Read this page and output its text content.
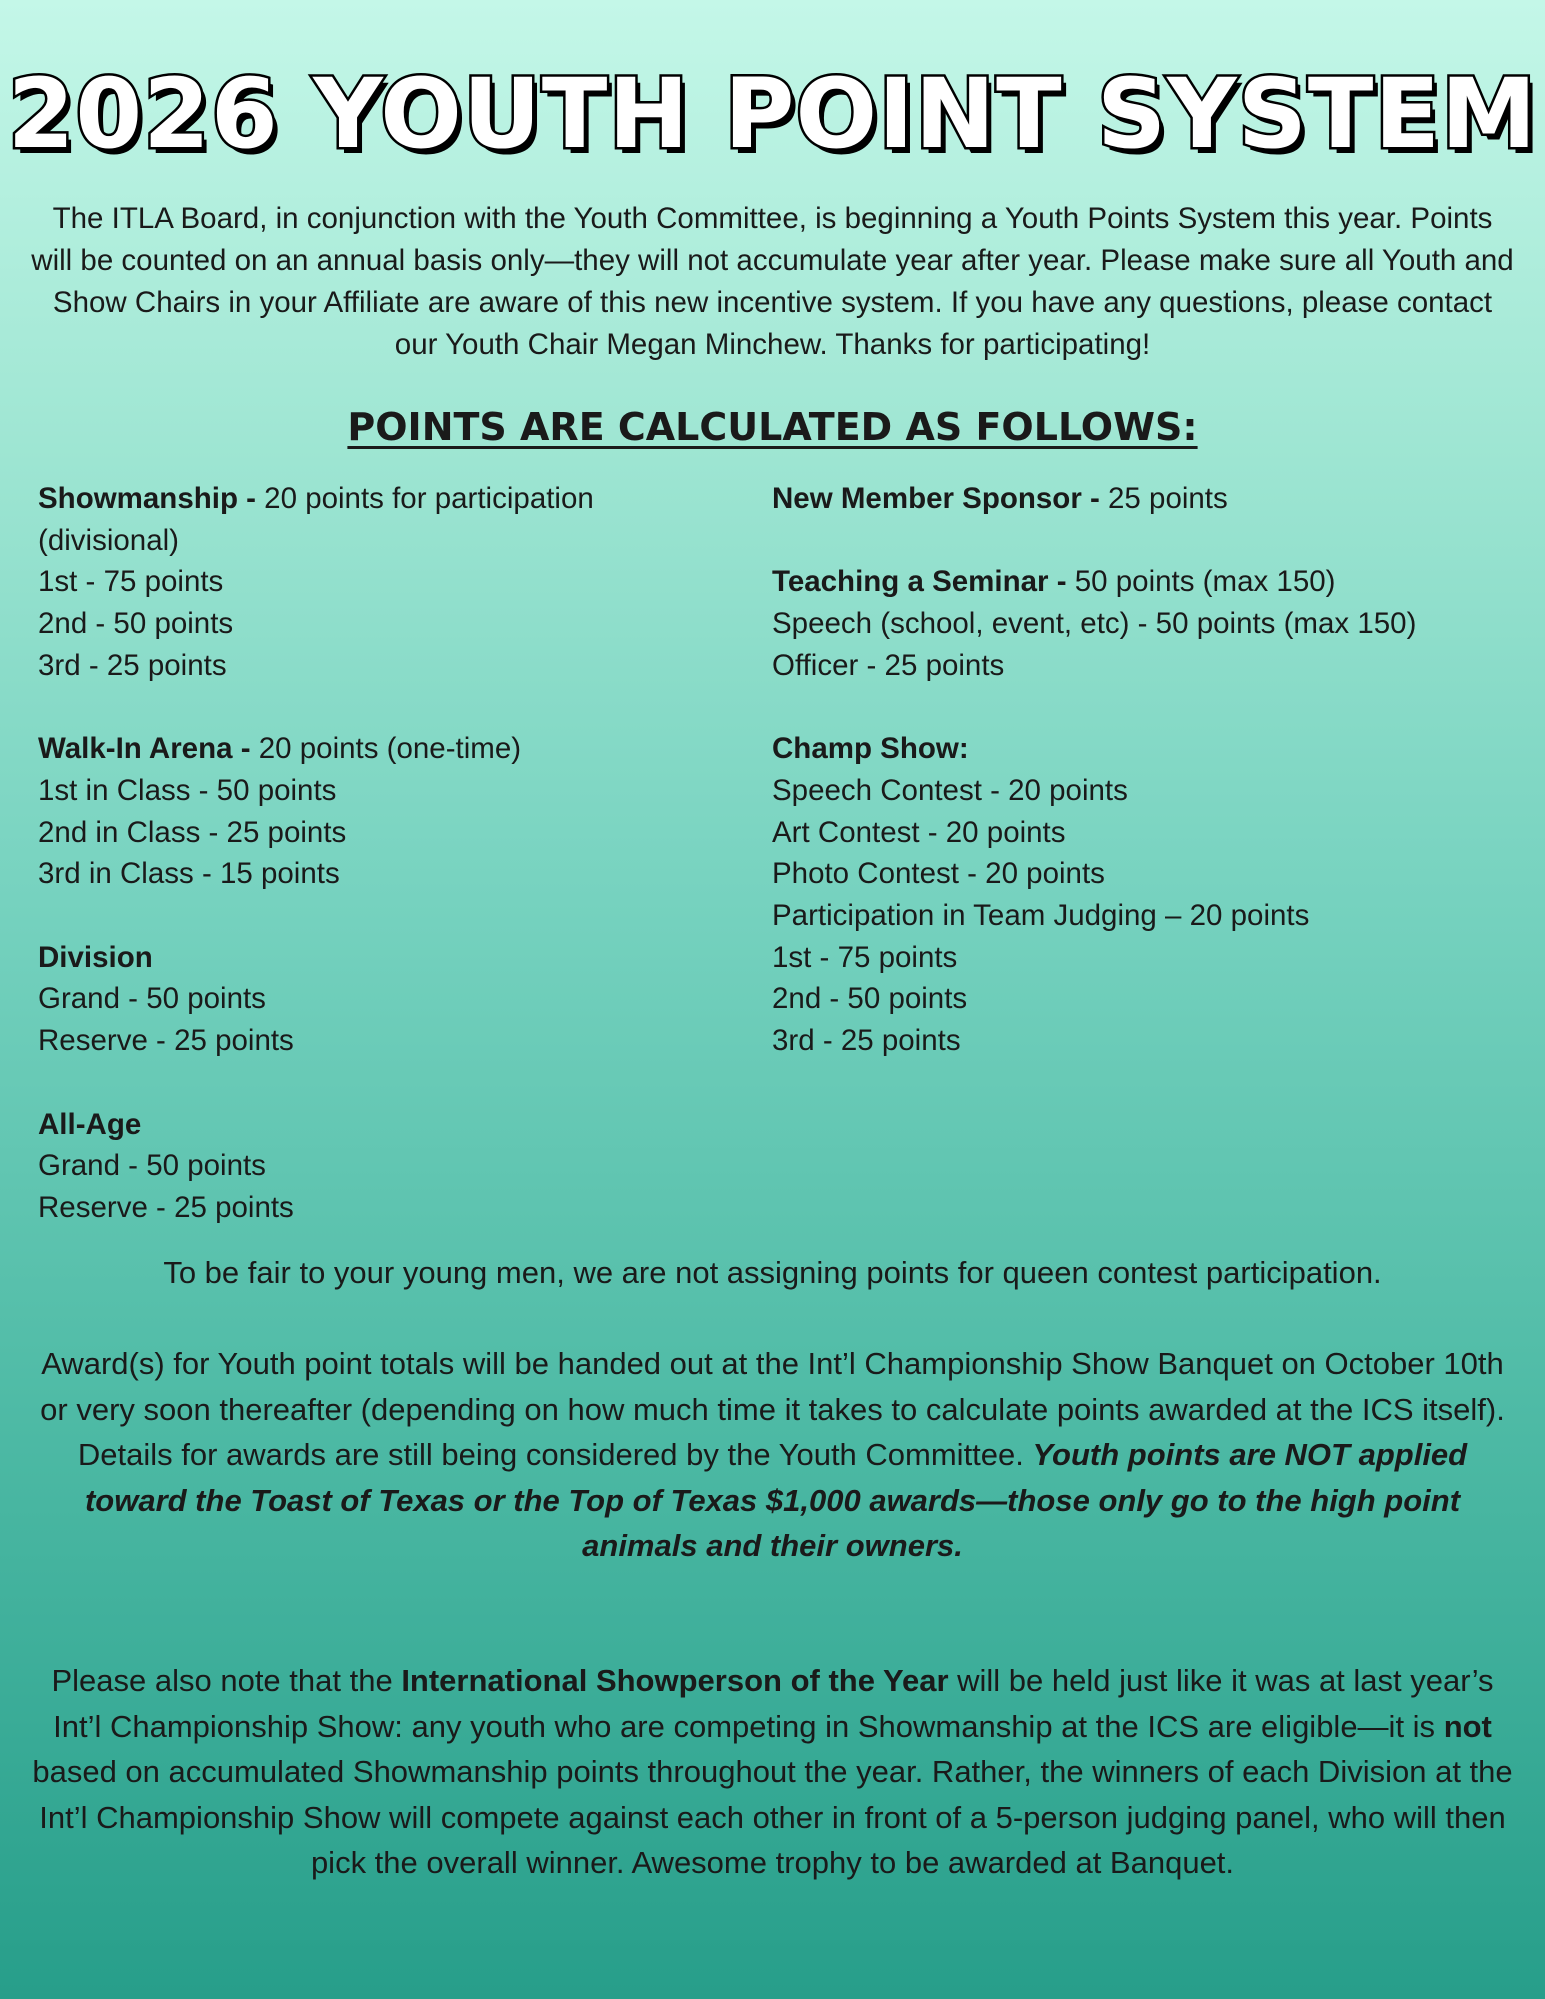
2026 YOUTH POINT SYSTEM

The ITLA Board, in conjunction with the Youth Committee, is beginning a Youth Points System this year. Points will be counted on an annual basis only—they will not accumulate year after year. Please make sure all Youth and Show Chairs in your Affiliate are aware of this new incentive system. If you have any questions, please contact our Youth Chair Megan Minchew. Thanks for participating!

POINTS ARE CALCULATED AS FOLLOWS:
Showmanship - 20 points for participation (divisional)
1st - 75 points
2nd - 50 points
3rd - 25 points
Walk-In Arena - 20 points (one-time)
1st in Class - 50 points
2nd in Class - 25 points
3rd in Class - 15 points
Division
Grand - 50 points
Reserve - 25 points
All-Age
Grand - 50 points
Reserve - 25 points
New Member Sponsor - 25 points
Teaching a Seminar - 50 points (max 150)
Speech (school, event, etc) - 50 points (max 150)
Officer - 25 points
Champ Show:
Speech Contest - 20 points
Art Contest - 20 points
Photo Contest - 20 points
Participation in Team Judging – 20 points
1st - 75 points
2nd - 50 points
3rd - 25 points

To be fair to your young men, we are not assigning points for queen contest participation.

Award(s) for Youth point totals will be handed out at the Int’l Championship Show Banquet on October 10th or very soon thereafter (depending on how much time it takes to calculate points awarded at the ICS itself). Details for awards are still being considered by the Youth Committee. Youth points are NOT applied toward the Toast of Texas or the Top of Texas $1,000 awards—those only go to the high point animals and their owners.

Please also note that the International Showperson of the Year will be held just like it was at last year’s Int’l Championship Show: any youth who are competing in Showmanship at the ICS are eligible—it is not based on accumulated Showmanship points throughout the year. Rather, the winners of each Division at the Int’l Championship Show will compete against each other in front of a 5-person judging panel, who will then pick the overall winner. Awesome trophy to be awarded at Banquet.
